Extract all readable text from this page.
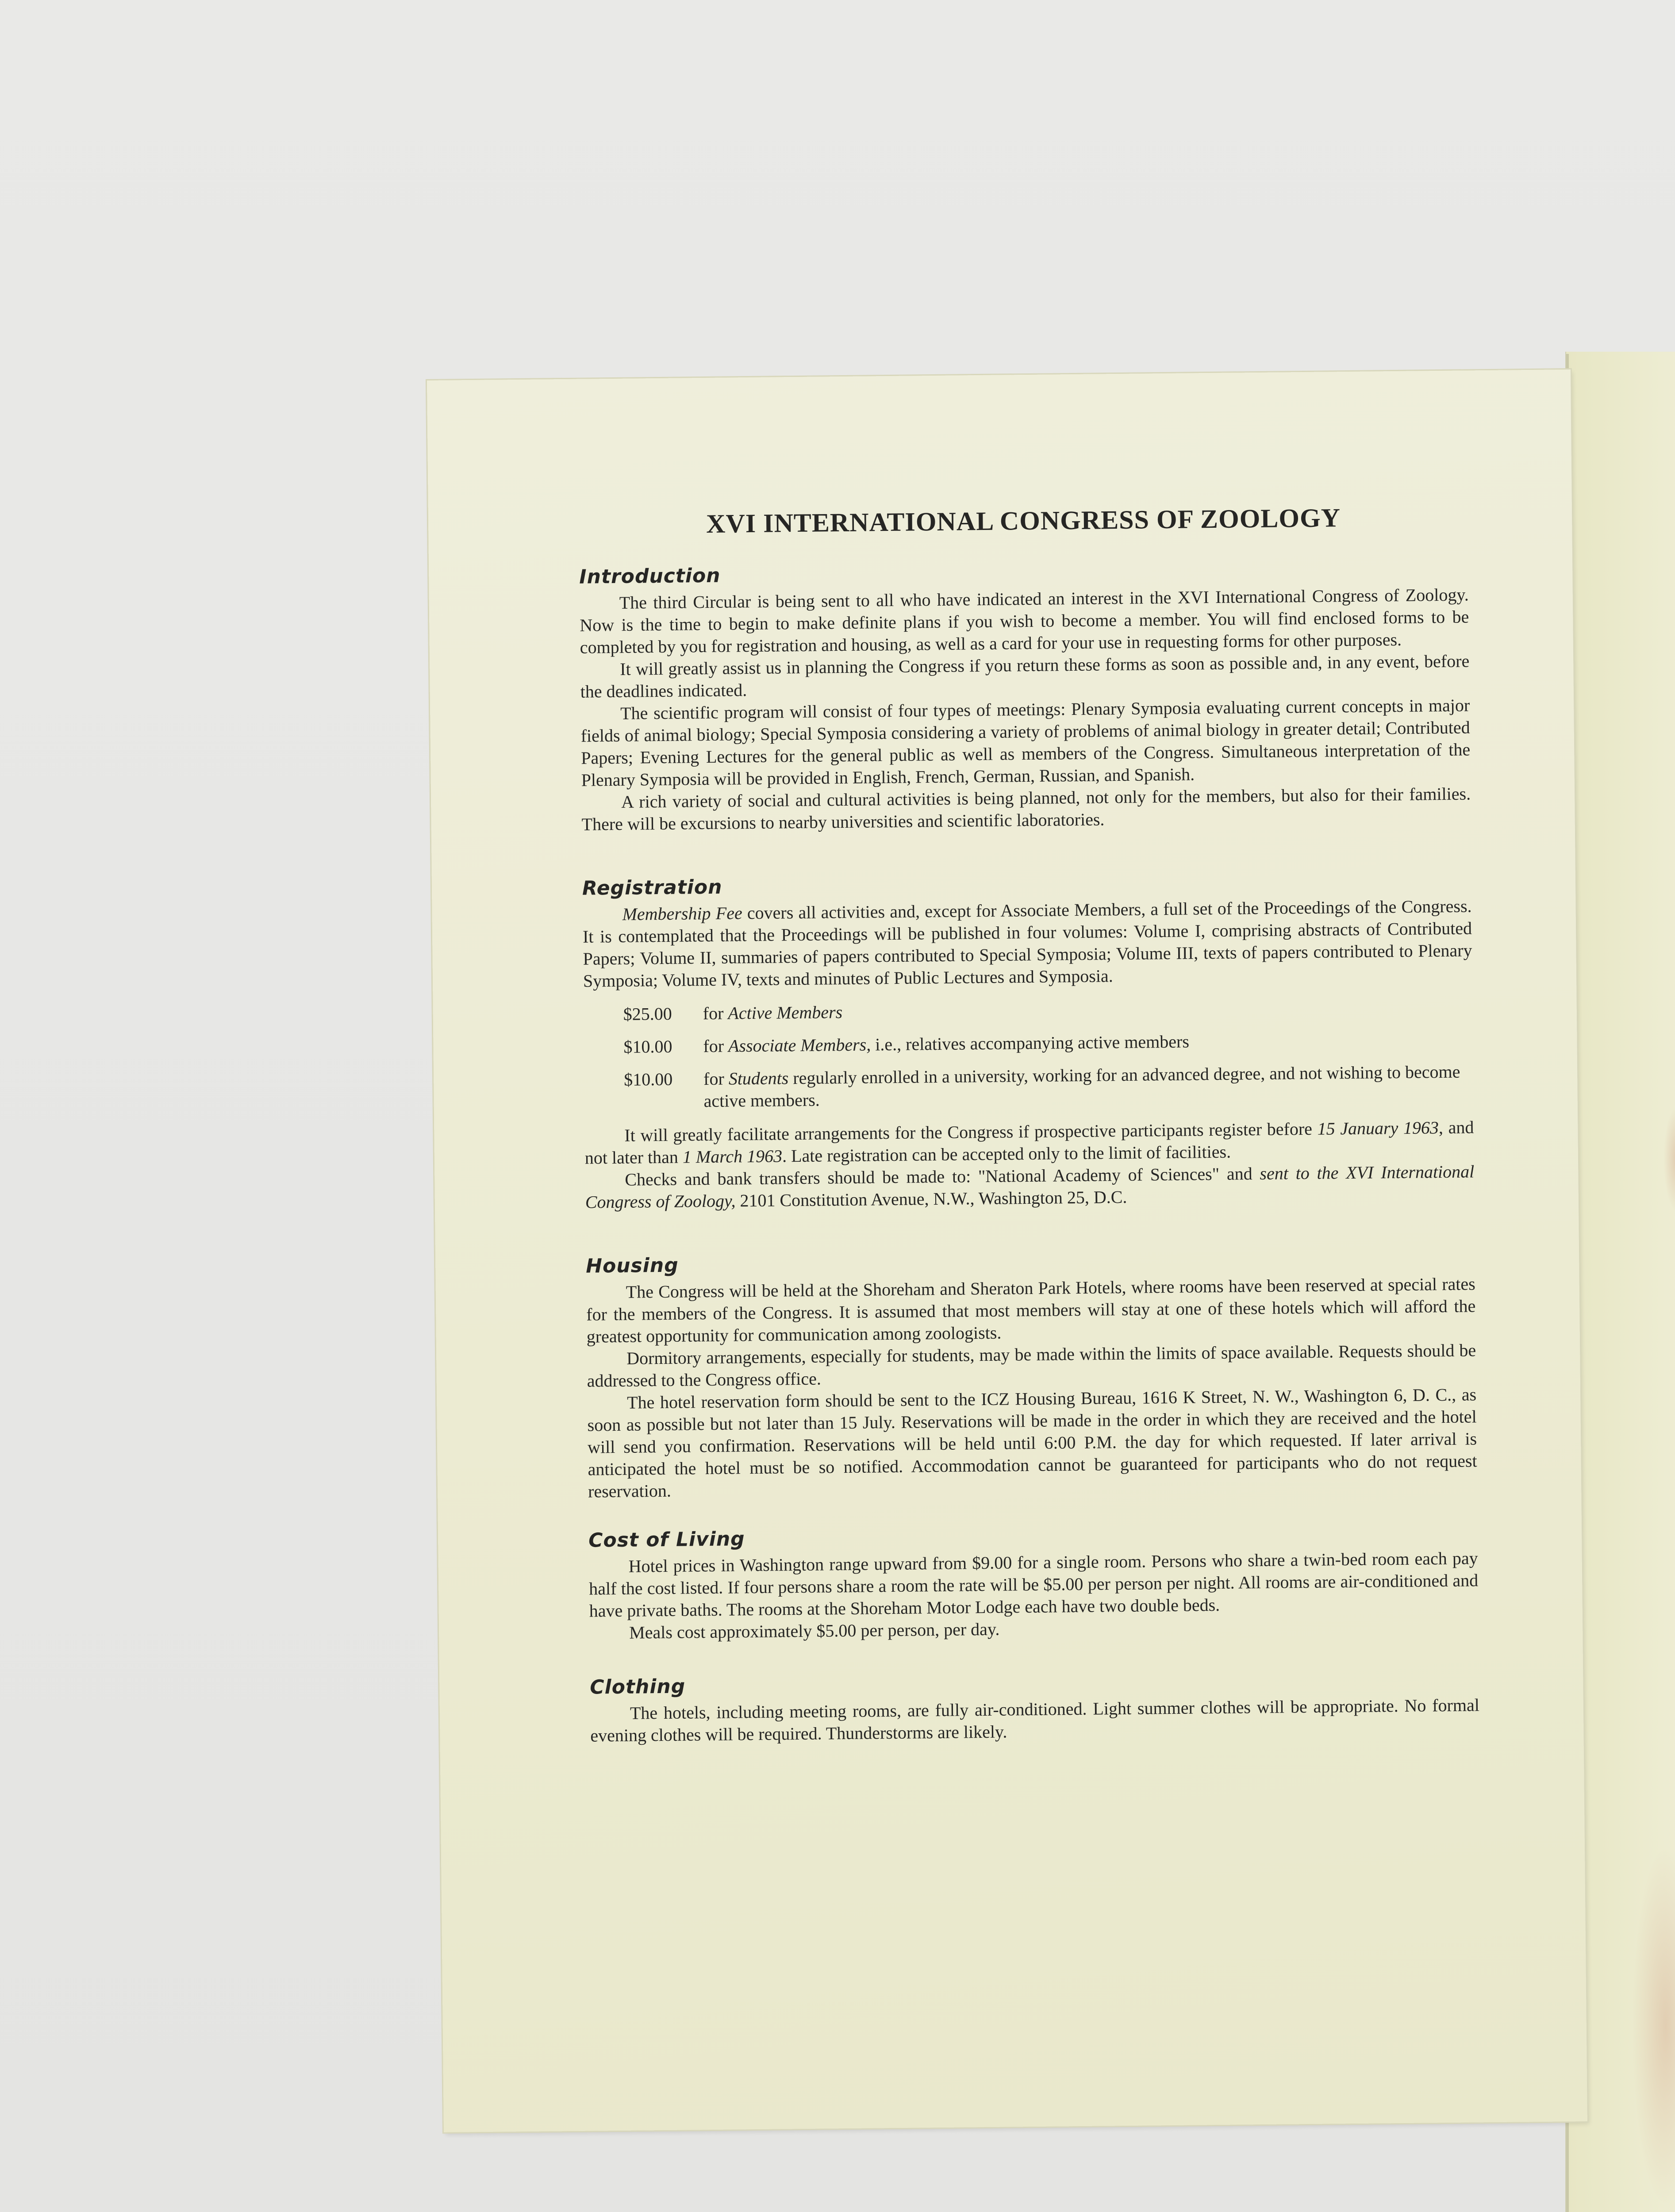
XVI INTERNATIONAL CONGRESS OF ZOOLOGY
Introduction

The third Circular is being sent to all who have indicated an interest in the XVI International Congress of Zoology. Now is the time to begin to make definite plans if you wish to become a member. You will find enclosed forms to be completed by you for registration and housing, as well as a card for your use in requesting forms for other purposes.

It will greatly assist us in planning the Congress if you return these forms as soon as possible and, in any event, before the deadlines indicated.

The scientific program will consist of four types of meetings: Plenary Symposia evaluating current concepts in major fields of animal biology; Special Symposia considering a variety of problems of animal biology in greater detail; Contributed Papers; Evening Lectures for the general public as well as members of the Congress. Simultaneous interpretation of the Plenary Symposia will be provided in English, French, German, Russian, and Spanish.

A rich variety of social and cultural activities is being planned, not only for the members, but also for their families. There will be excursions to nearby universities and scientific laboratories.

Registration

Membership Fee covers all activities and, except for Associate Members, a full set of the Proceedings of the Congress. It is contemplated that the Proceedings will be published in four volumes: Volume I, comprising abstracts of Contributed Papers; Volume II, summaries of papers contributed to Special Symposia; Volume III, texts of papers contributed to Plenary Symposia; Volume IV, texts and minutes of Public Lectures and Symposia.

$25.00	for Active Members
$10.00	for Associate Members, i.e., relatives accompanying active members
$10.00	for Students regularly enrolled in a university, working for an advanced degree, and not wishing to become active members.

It will greatly facilitate arrangements for the Congress if prospective participants register before 15 January 1963, and not later than 1 March 1963. Late registration can be accepted only to the limit of facilities.

Checks and bank transfers should be made to: "National Academy of Sciences" and sent to the XVI International Congress of Zoology, 2101 Constitution Avenue, N.W., Washington 25, D.C.

Housing

The Congress will be held at the Shoreham and Sheraton Park Hotels, where rooms have been reserved at special rates for the members of the Congress. It is assumed that most members will stay at one of these hotels which will afford the greatest opportunity for communication among zoologists.

Dormitory arrangements, especially for students, may be made within the limits of space available. Requests should be addressed to the Congress office.

The hotel reservation form should be sent to the ICZ Housing Bureau, 1616 K Street, N. W., Washington 6, D. C., as soon as possible but not later than 15 July. Reservations will be made in the order in which they are received and the hotel will send you confirmation. Reservations will be held until 6:00 P.M. the day for which requested. If later arrival is anticipated the hotel must be so notified. Accommodation cannot be guaranteed for participants who do not request reservation.

Cost of Living

Hotel prices in Washington range upward from $9.00 for a single room. Persons who share a twin-bed room each pay half the cost listed. If four persons share a room the rate will be $5.00 per person per night. All rooms are air-conditioned and have private baths. The rooms at the Shoreham Motor Lodge each have two double beds.

Meals cost approximately $5.00 per person, per day.

Clothing

The hotels, including meeting rooms, are fully air-conditioned. Light summer clothes will be appropriate. No formal evening clothes will be required. Thunderstorms are likely.
